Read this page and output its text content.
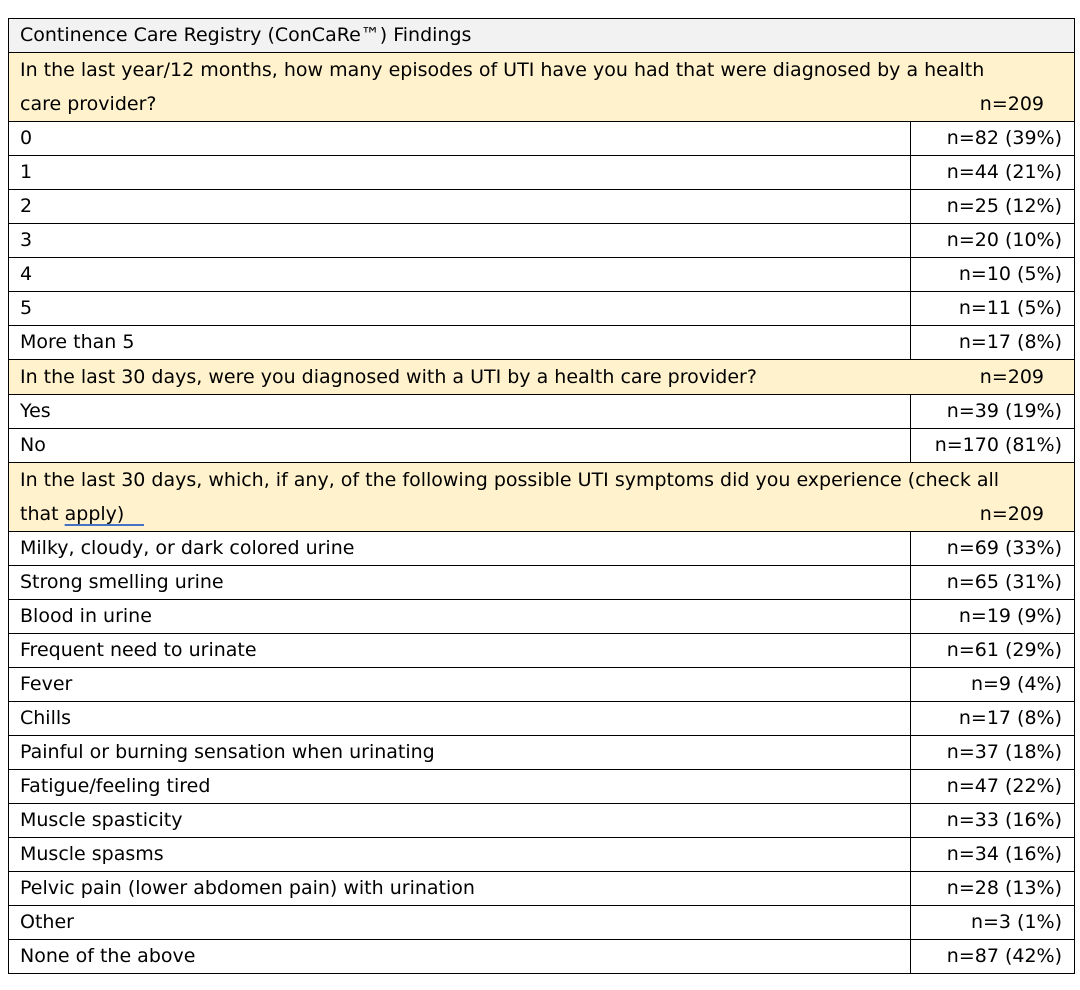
Continence Care Registry (ConCaRe™) Findings	

In the last year/12 months, how many episodes of UTI have you had that were diagnosed by a health
care provider? n=209	

0	n=82 (39%)
1	n=44 (21%)
2	n=25 (12%)
3	n=20 (10%)
4	n=10 (5%)
5	n=11 (5%)
More than 5	n=17 (8%)

In the last 30 days, were you diagnosed with a UTI by a health care provider? n=209	

Yes	n=39 (19%)
No	n=170 (81%)

In the last 30 days, which, if any, of the following possible UTI symptoms did you experience (check all
that apply) n=209	

Milky, cloudy, or dark colored urine	n=69 (33%)
Strong smelling urine	n=65 (31%)
Blood in urine	n=19 (9%)
Frequent need to urinate	n=61 (29%)
Fever	n=9 (4%)
Chills	n=17 (8%)
Painful or burning sensation when urinating	n=37 (18%)
Fatigue/feeling tired	n=47 (22%)
Muscle spasticity	n=33 (16%)
Muscle spasms	n=34 (16%)
Pelvic pain (lower abdomen pain) with urination	n=28 (13%)
Other	n=3 (1%)
None of the above	n=87 (42%)
